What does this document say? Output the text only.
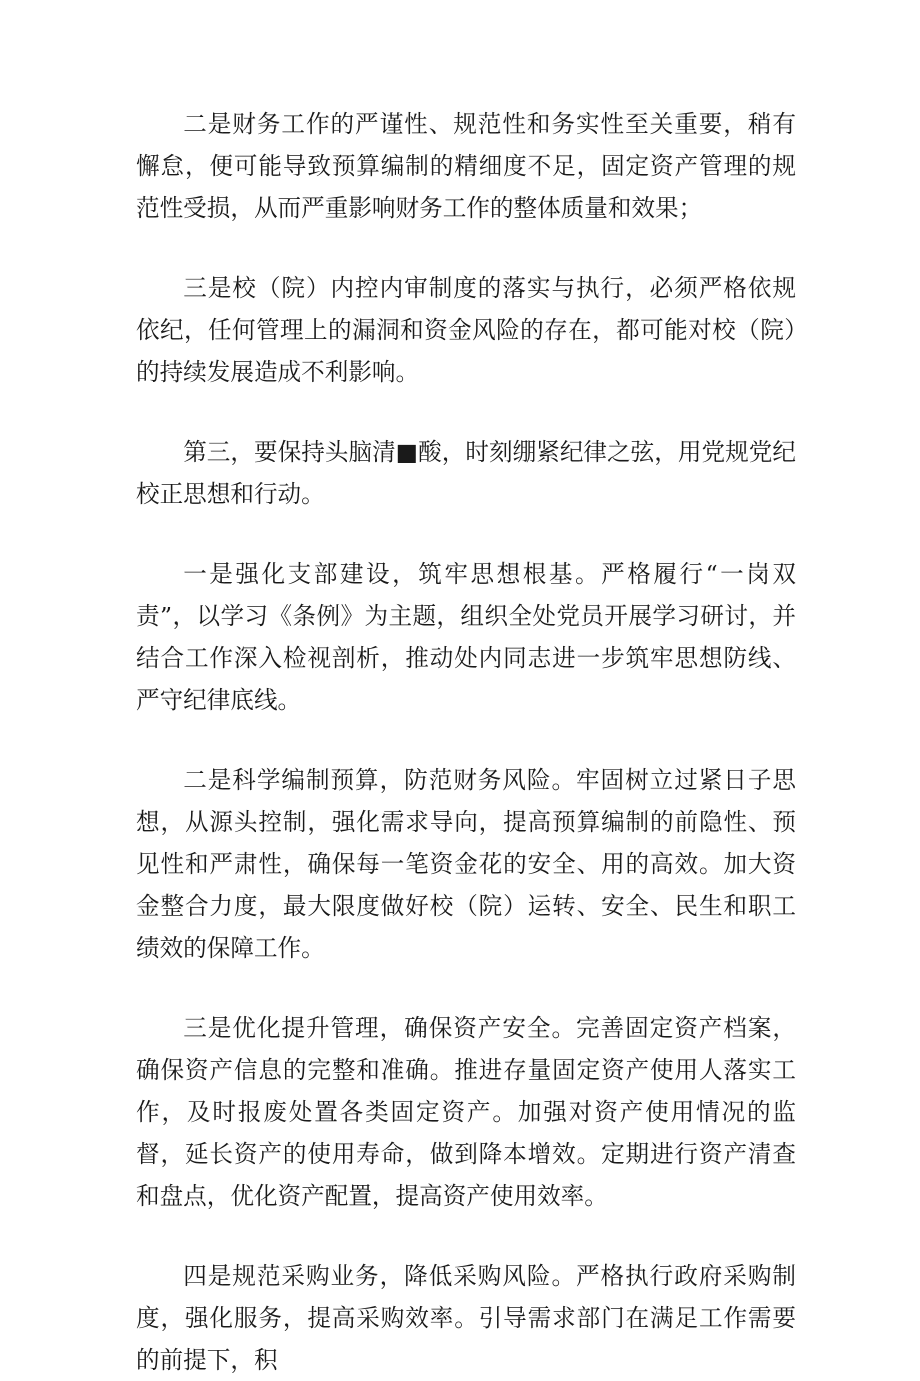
二是财务工作的严谨性、规范性和务实性至关重要，稍有懈怠，便可能导致预算编制的精细度不足，固定资产管理的规范性受损，从而严重影响财务工作的整体质量和效果；

三是校（院）内控内审制度的落实与执行，必须严格依规依纪，任何管理上的漏洞和资金风险的存在，都可能对校（院）的持续发展造成不利影响。

第三，要保持头脑清■酸，时刻绷紧纪律之弦，用党规党纪校正思想和行动。

一是强化支部建设，筑牢思想根基。严格履行“一岗双责”，以学习《条例》为主题，组织全处党员开展学习研讨，并结合工作深入检视剖析，推动处内同志进一步筑牢思想防线、严守纪律底线。

二是科学编制预算，防范财务风险。牢固树立过紧日子思想，从源头控制，强化需求导向，提高预算编制的前隐性、预见性和严肃性，确保每一笔资金花的安全、用的高效。加大资金整合力度，最大限度做好校（院）运转、安全、民生和职工绩效的保障工作。

三是优化提升管理，确保资产安全。完善固定资产档案，确保资产信息的完整和准确。推进存量固定资产使用人落实工作，及时报废处置各类固定资产。加强对资产使用情况的监督，延长资产的使用寿命，做到降本增效。定期进行资产清查和盘点，优化资产配置，提高资产使用效率。

四是规范采购业务，降低采购风险。严格执行政府采购制度，强化服务，提高采购效率。引导需求部门在满足工作需要的前提下，积
